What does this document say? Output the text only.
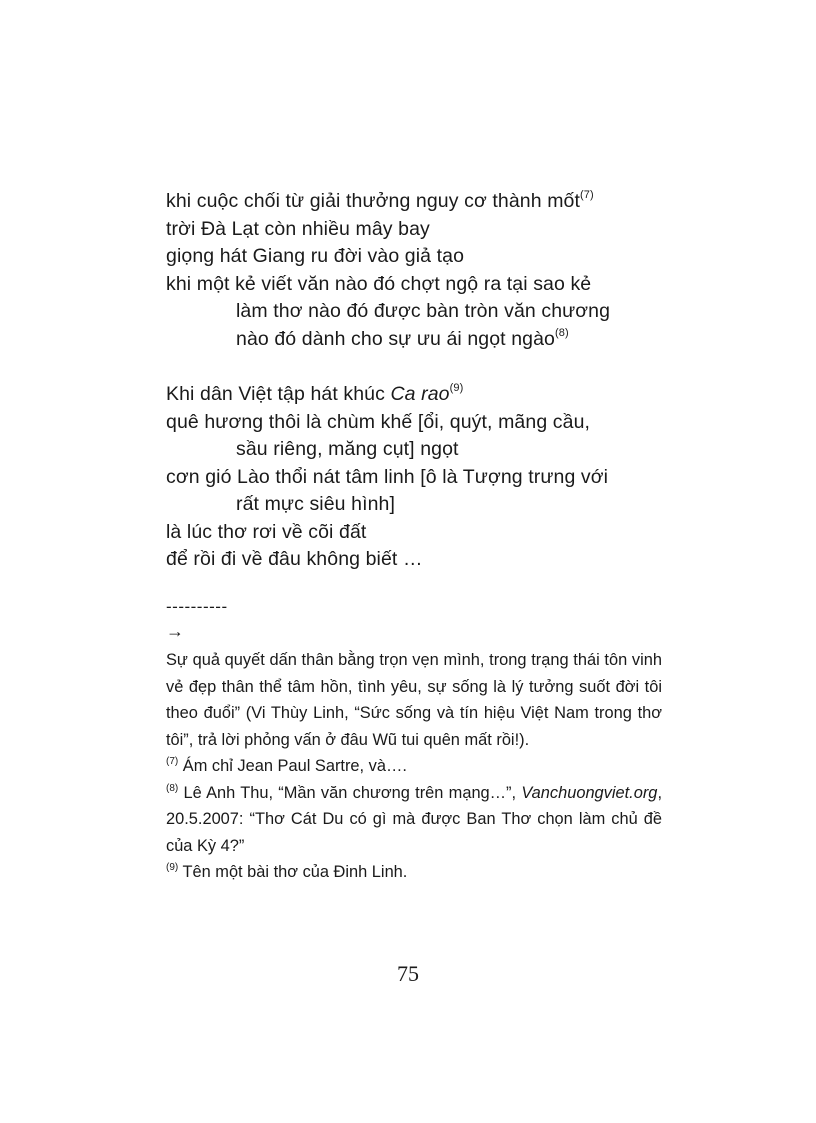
khi cuộc chối từ giải thưởng nguy cơ thành mốt$^{(7)}$
trời Đà Lạt còn nhiều mây bay
giọng hát Giang ru đời vào giả tạo
khi một kẻ viết văn nào đó chợt ngộ ra tại sao kẻ
làm thơ nào đó được bàn tròn văn chương
nào đó dành cho sự ưu ái ngọt ngào$^{(8)}$
Khi dân Việt tập hát khúc Ca rao$^{(9)}$
quê hương thôi là chùm khế [ổi, quýt, mãng cầu,
sầu riêng, măng cụt] ngọt
cơn gió Lào thổi nát tâm linh [ô là Tượng trưng với
rất mực siêu hình]
là lúc thơ rơi về cõi đất
để rồi đi về đâu không biết …
----------
→
Sự quả quyết dấn thân bằng trọn vẹn mình, trong trạng thái tôn vinh vẻ đẹp thân thể tâm hồn, tình yêu, sự sống là lý tưởng suốt đời tôi theo đuổi” (Vi Thùy Linh, “Sức sống và tín hiệu Việt Nam trong thơ tôi”, trả lời phỏng vấn ở đâu Wũ tui quên mất rồi!).
$^{(7)}$ Ám chỉ Jean Paul Sartre, và….
$^{(8)}$ Lê Anh Thu, “Mần văn chương trên mạng…”, Vanchuongviet.org, 20.5.2007: “Thơ Cát Du có gì mà được Ban Thơ chọn làm chủ đề của Kỳ 4?”
$^{(9)}$ Tên một bài thơ của Đinh Linh.
75
